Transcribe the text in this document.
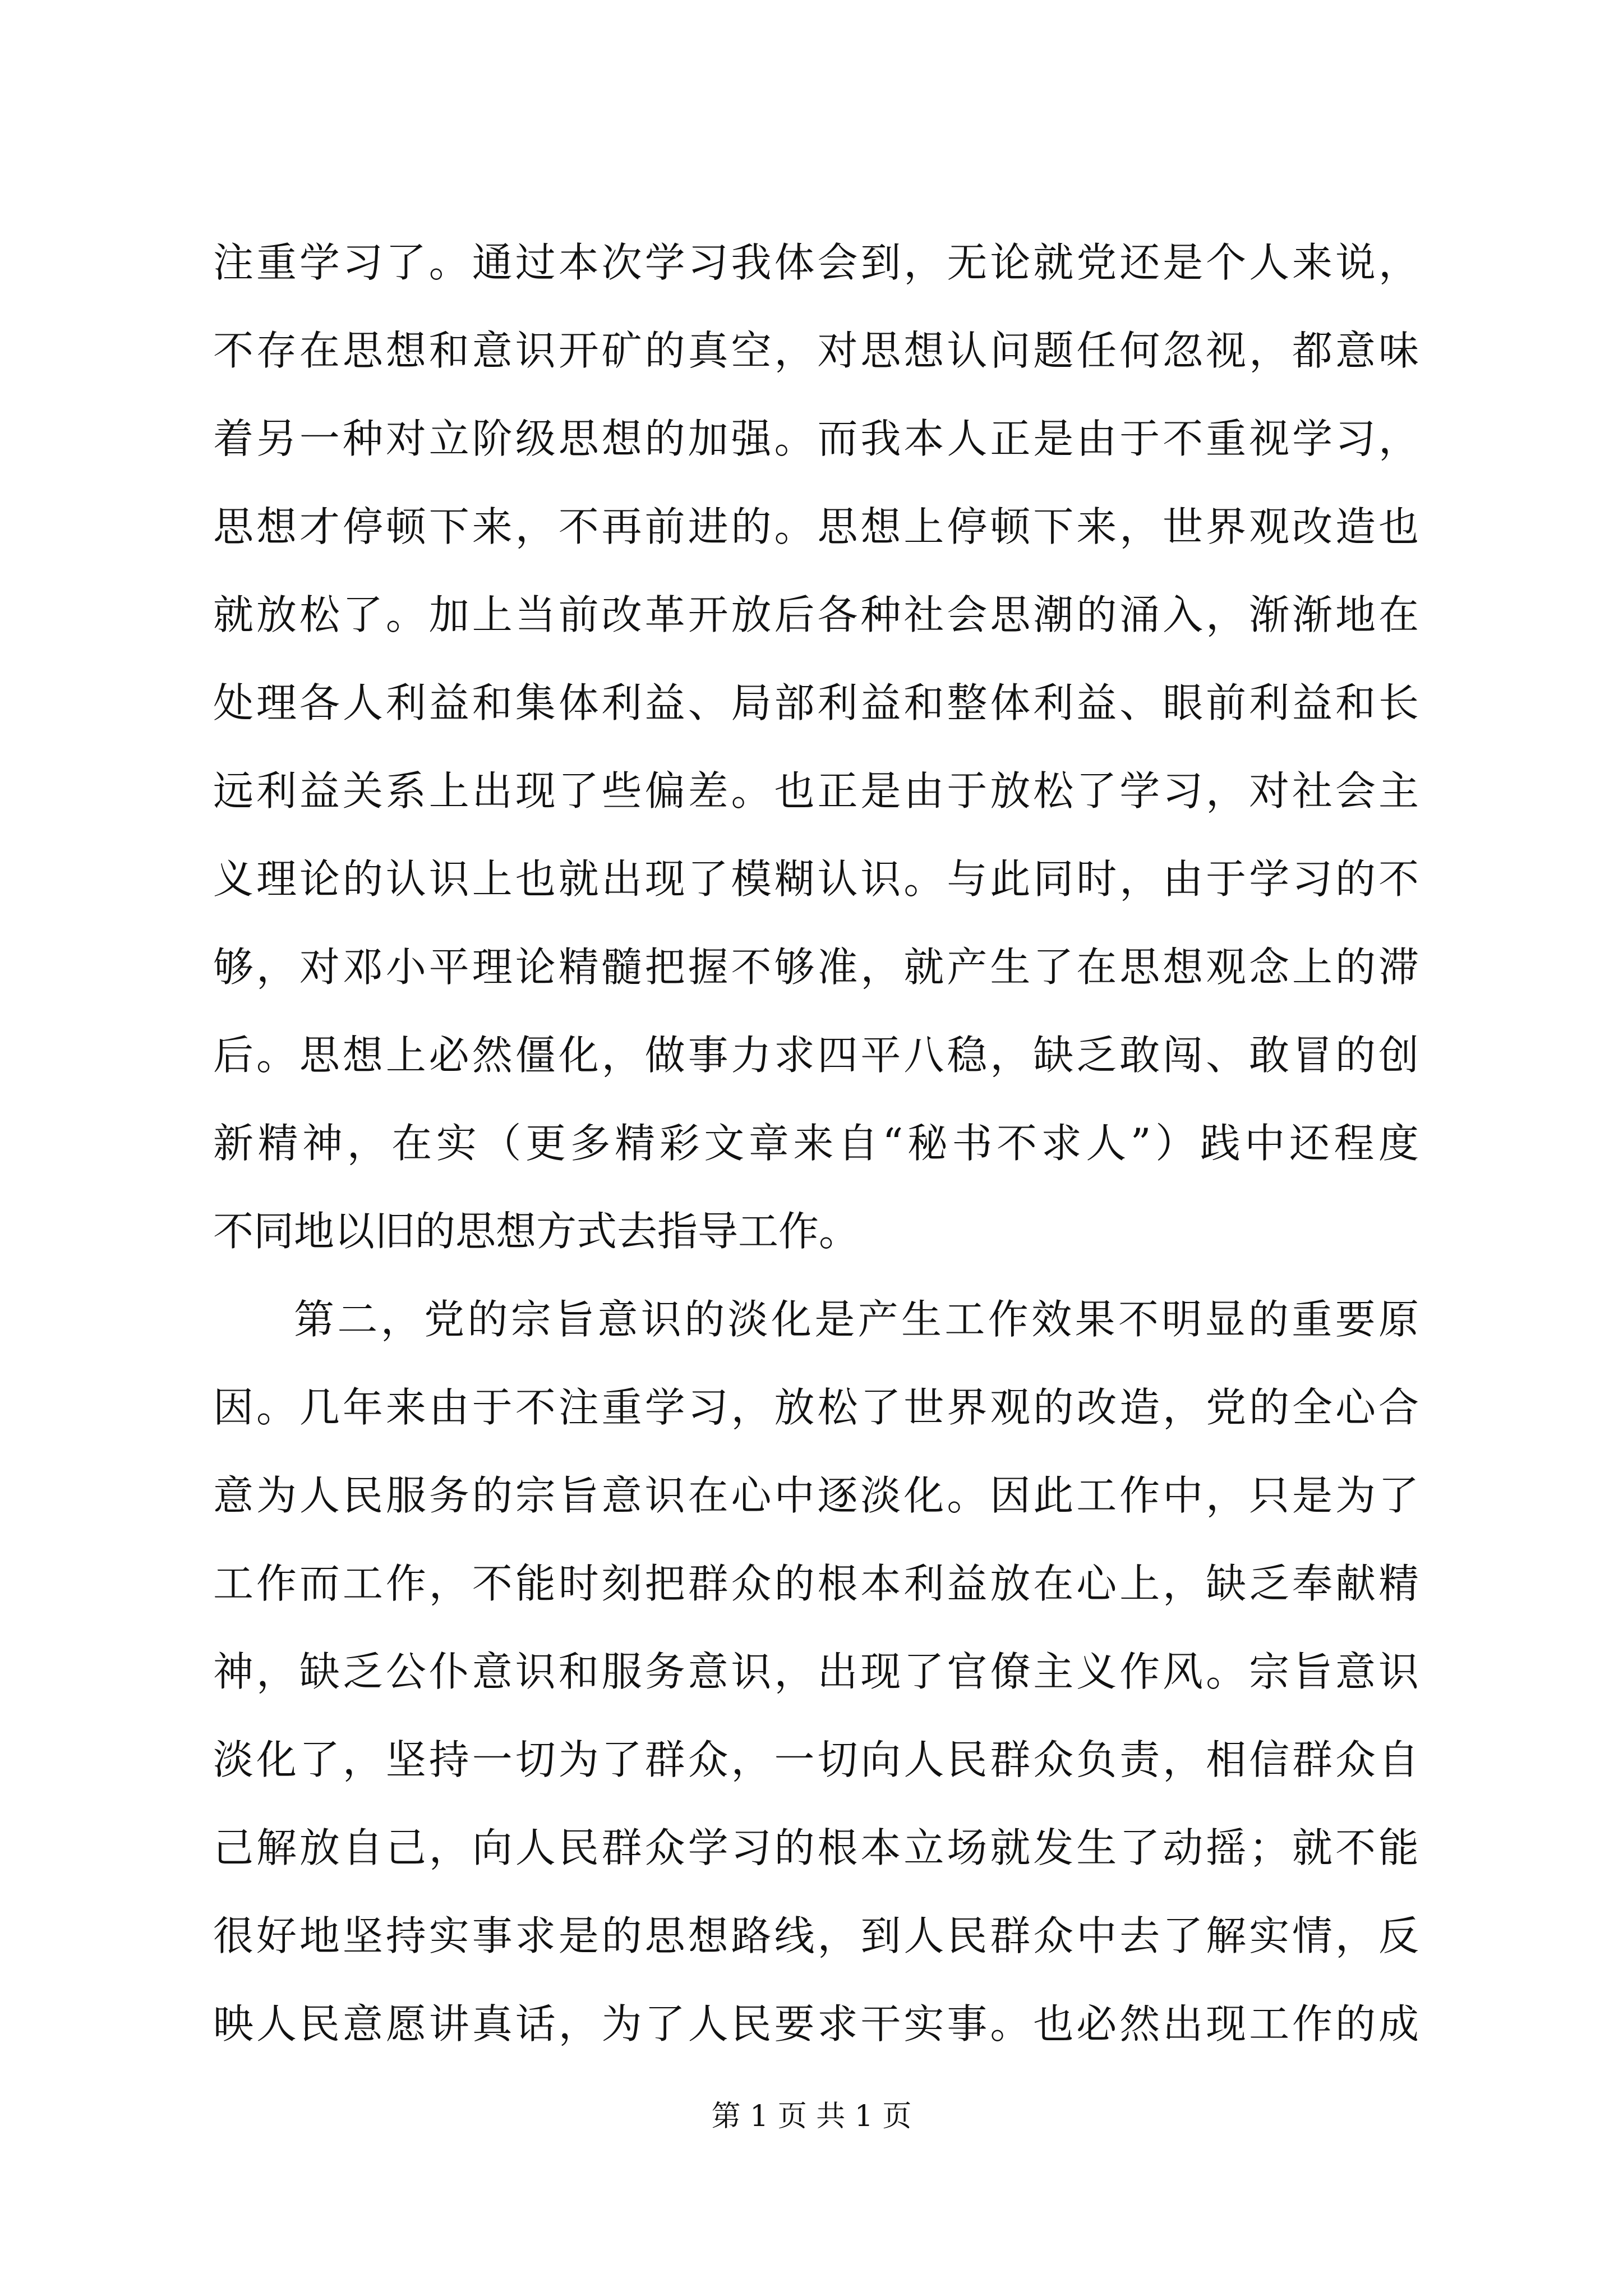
注重学习了。通过本次学习我体会到，无论就党还是个人来说，
不存在思想和意识开矿的真空，对思想认问题任何忽视，都意味
着另一种对立阶级思想的加强。而我本人正是由于不重视学习，
思想才停顿下来，不再前进的。思想上停顿下来，世界观改造也
就放松了。加上当前改革开放后各种社会思潮的涌入，渐渐地在
处理各人利益和集体利益、局部利益和整体利益、眼前利益和长
远利益关系上出现了些偏差。也正是由于放松了学习，对社会主
义理论的认识上也就出现了模糊认识。与此同时，由于学习的不
够，对邓小平理论精髓把握不够准，就产生了在思想观念上的滞
后。思想上必然僵化，做事力求四平八稳，缺乏敢闯、敢冒的创
新精神，在实（更多精彩文章来自“秘书不求人”）践中还程度
不同地以旧的思想方式去指导工作。
第二，党的宗旨意识的淡化是产生工作效果不明显的重要原
因。几年来由于不注重学习，放松了世界观的改造，党的全心合
意为人民服务的宗旨意识在心中逐淡化。因此工作中，只是为了
工作而工作，不能时刻把群众的根本利益放在心上，缺乏奉献精
神，缺乏公仆意识和服务意识，出现了官僚主义作风。宗旨意识
淡化了，坚持一切为了群众，一切向人民群众负责，相信群众自
己解放自己，向人民群众学习的根本立场就发生了动摇；就不能
很好地坚持实事求是的思想路线，到人民群众中去了解实情，反
映人民意愿讲真话，为了人民要求干实事。也必然出现工作的成
第 1 页 共 1 页
